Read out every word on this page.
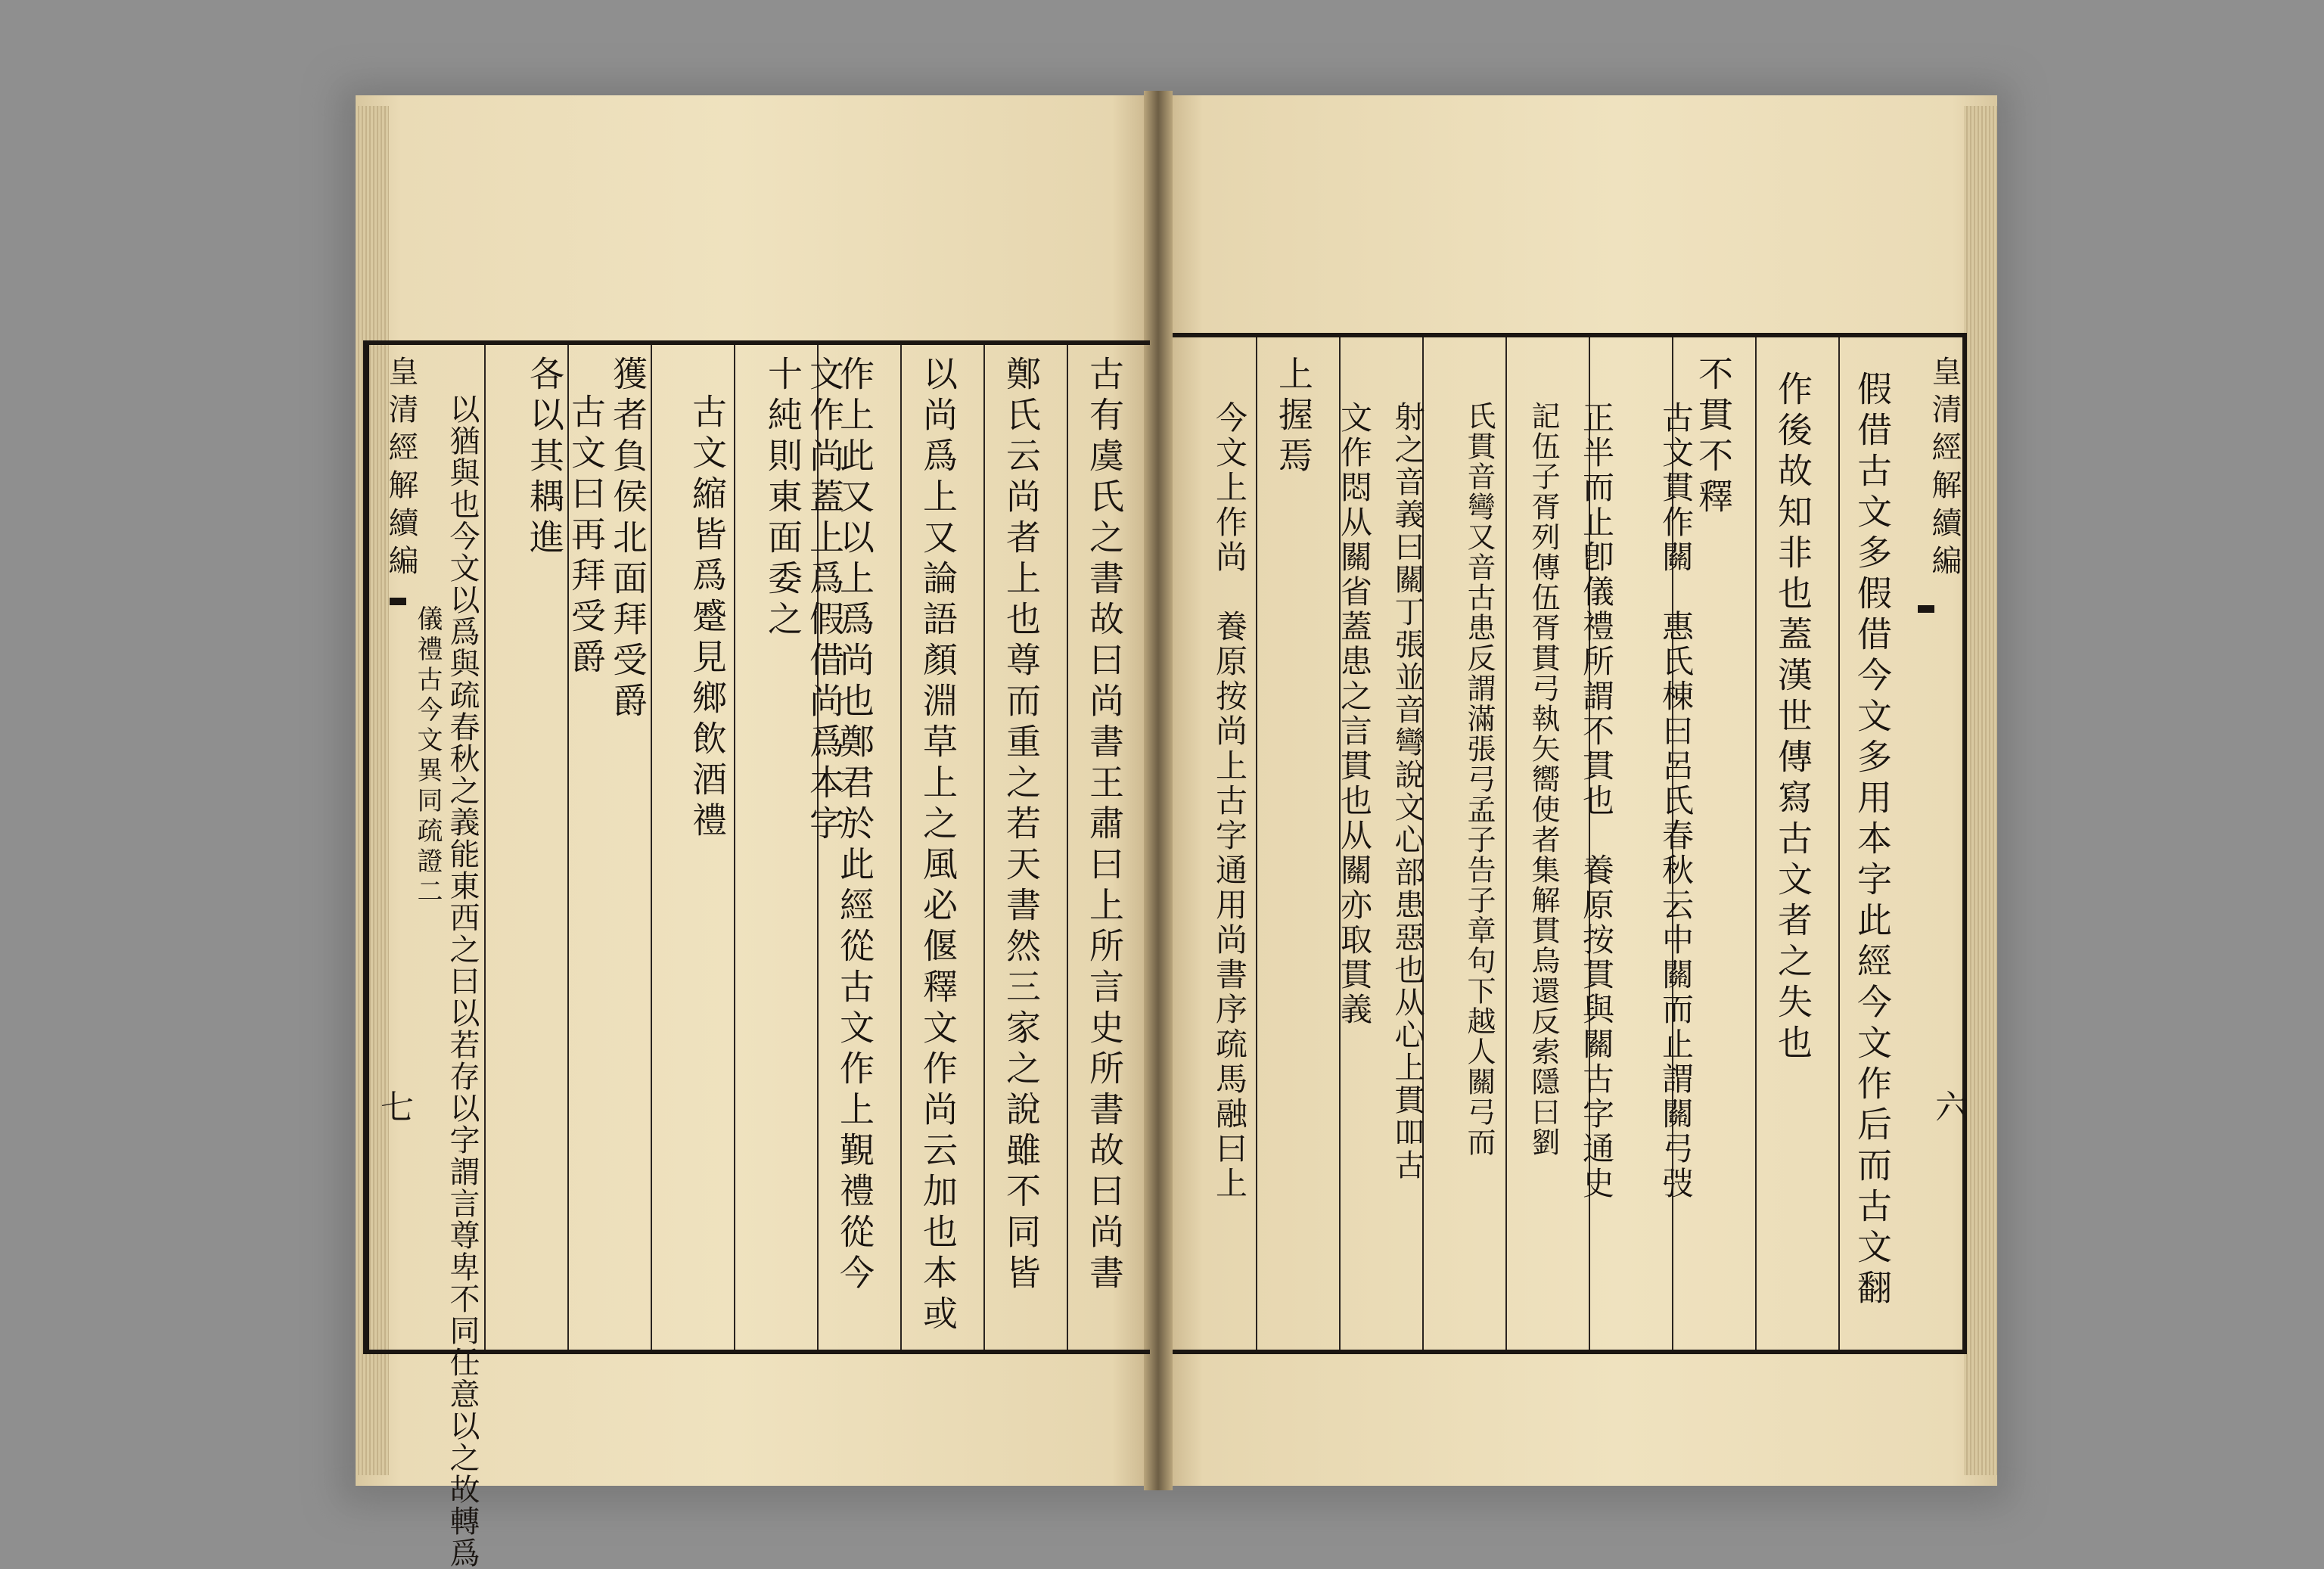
古有虞氏之書故曰尚書王肅曰上所言史所書故曰尚書
鄭氏云尚者上也尊而重之若天書然三家之說雖不同皆
以尚爲上又論語顏淵草上之風必偃釋文作尚云加也本或
作上此又以上爲尚也鄭君於此經從古文作上覲禮從今
文作尚蓋上爲假借尚爲本字
十純則東面委之
古文縮皆爲蹙見鄉飲酒禮
獲者負侯北面拜受爵
古文曰再拜受爵
各以其耦進
以猶與也今文以爲與疏春秋之義能東西之曰以若存以字謂言尊卑不同任意以之故轉爲
皇清經解續編
儀禮古今文異同疏證二
七	假借古文多假借今文多用本字此經今文作后而古文翻
作後故知非也蓋漢世傳寫古文者之失也
不貫不釋
古文貫作關　惠氏棟曰呂氏春秋云中關而止謂關弓弢
正半而止卽儀禮所謂不貫也　養原按貫與關古字通史
記伍子胥列傳伍胥貫弓執矢嚮使者集解貫烏還反索隱曰劉
氏貫音彎又音古患反謂滿張弓孟子告子章句下越人關弓而
射之音義曰關丁張並音彎說文心部患惡也从心上貫吅古
文作悶从關省蓋患之言貫也从關亦取貫義
上握焉
今文上作尚　養原按尚上古字通用尚書序疏馬融曰上	皇清經解續編
六
